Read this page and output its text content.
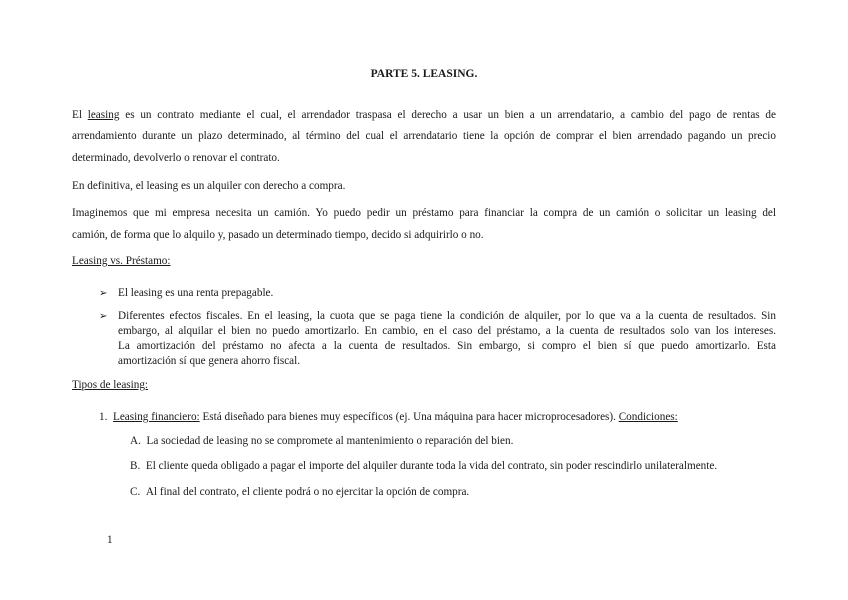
PARTE 5. LEASING.
El leasing es un contrato mediante el cual, el arrendador traspasa el derecho a usar un bien a un arrendatario, a cambio del pago de rentas de
arrendamiento durante un plazo determinado, al término del cual el arrendatario tiene la opción de comprar el bien arrendado pagando un precio
determinado, devolverlo o renovar el contrato.
En definitiva, el leasing es un alquiler con derecho a compra.
Imaginemos que mi empresa necesita un camión. Yo puedo pedir un préstamo para financiar la compra de un camión o solicitar un leasing del
camión, de forma que lo alquilo y, pasado un determinado tiempo, decido si adquirirlo o no.
Leasing vs. Préstamo:
➢ El leasing es una renta prepagable.
➢ Diferentes efectos fiscales. En el leasing, la cuota que se paga tiene la condición de alquiler, por lo que va a la cuenta de resultados. Sin
embargo, al alquilar el bien no puedo amortizarlo. En cambio, en el caso del préstamo, a la cuenta de resultados solo van los intereses.
La amortización del préstamo no afecta a la cuenta de resultados. Sin embargo, si compro el bien sí que puedo amortizarlo. Esta
amortización sí que genera ahorro fiscal.
Tipos de leasing:
1. Leasing financiero: Está diseñado para bienes muy específicos (ej. Una máquina para hacer microprocesadores). Condiciones:
A. La sociedad de leasing no se compromete al mantenimiento o reparación del bien.
B. El cliente queda obligado a pagar el importe del alquiler durante toda la vida del contrato, sin poder rescindirlo unilateralmente.
C. Al final del contrato, el cliente podrá o no ejercitar la opción de compra.
1
